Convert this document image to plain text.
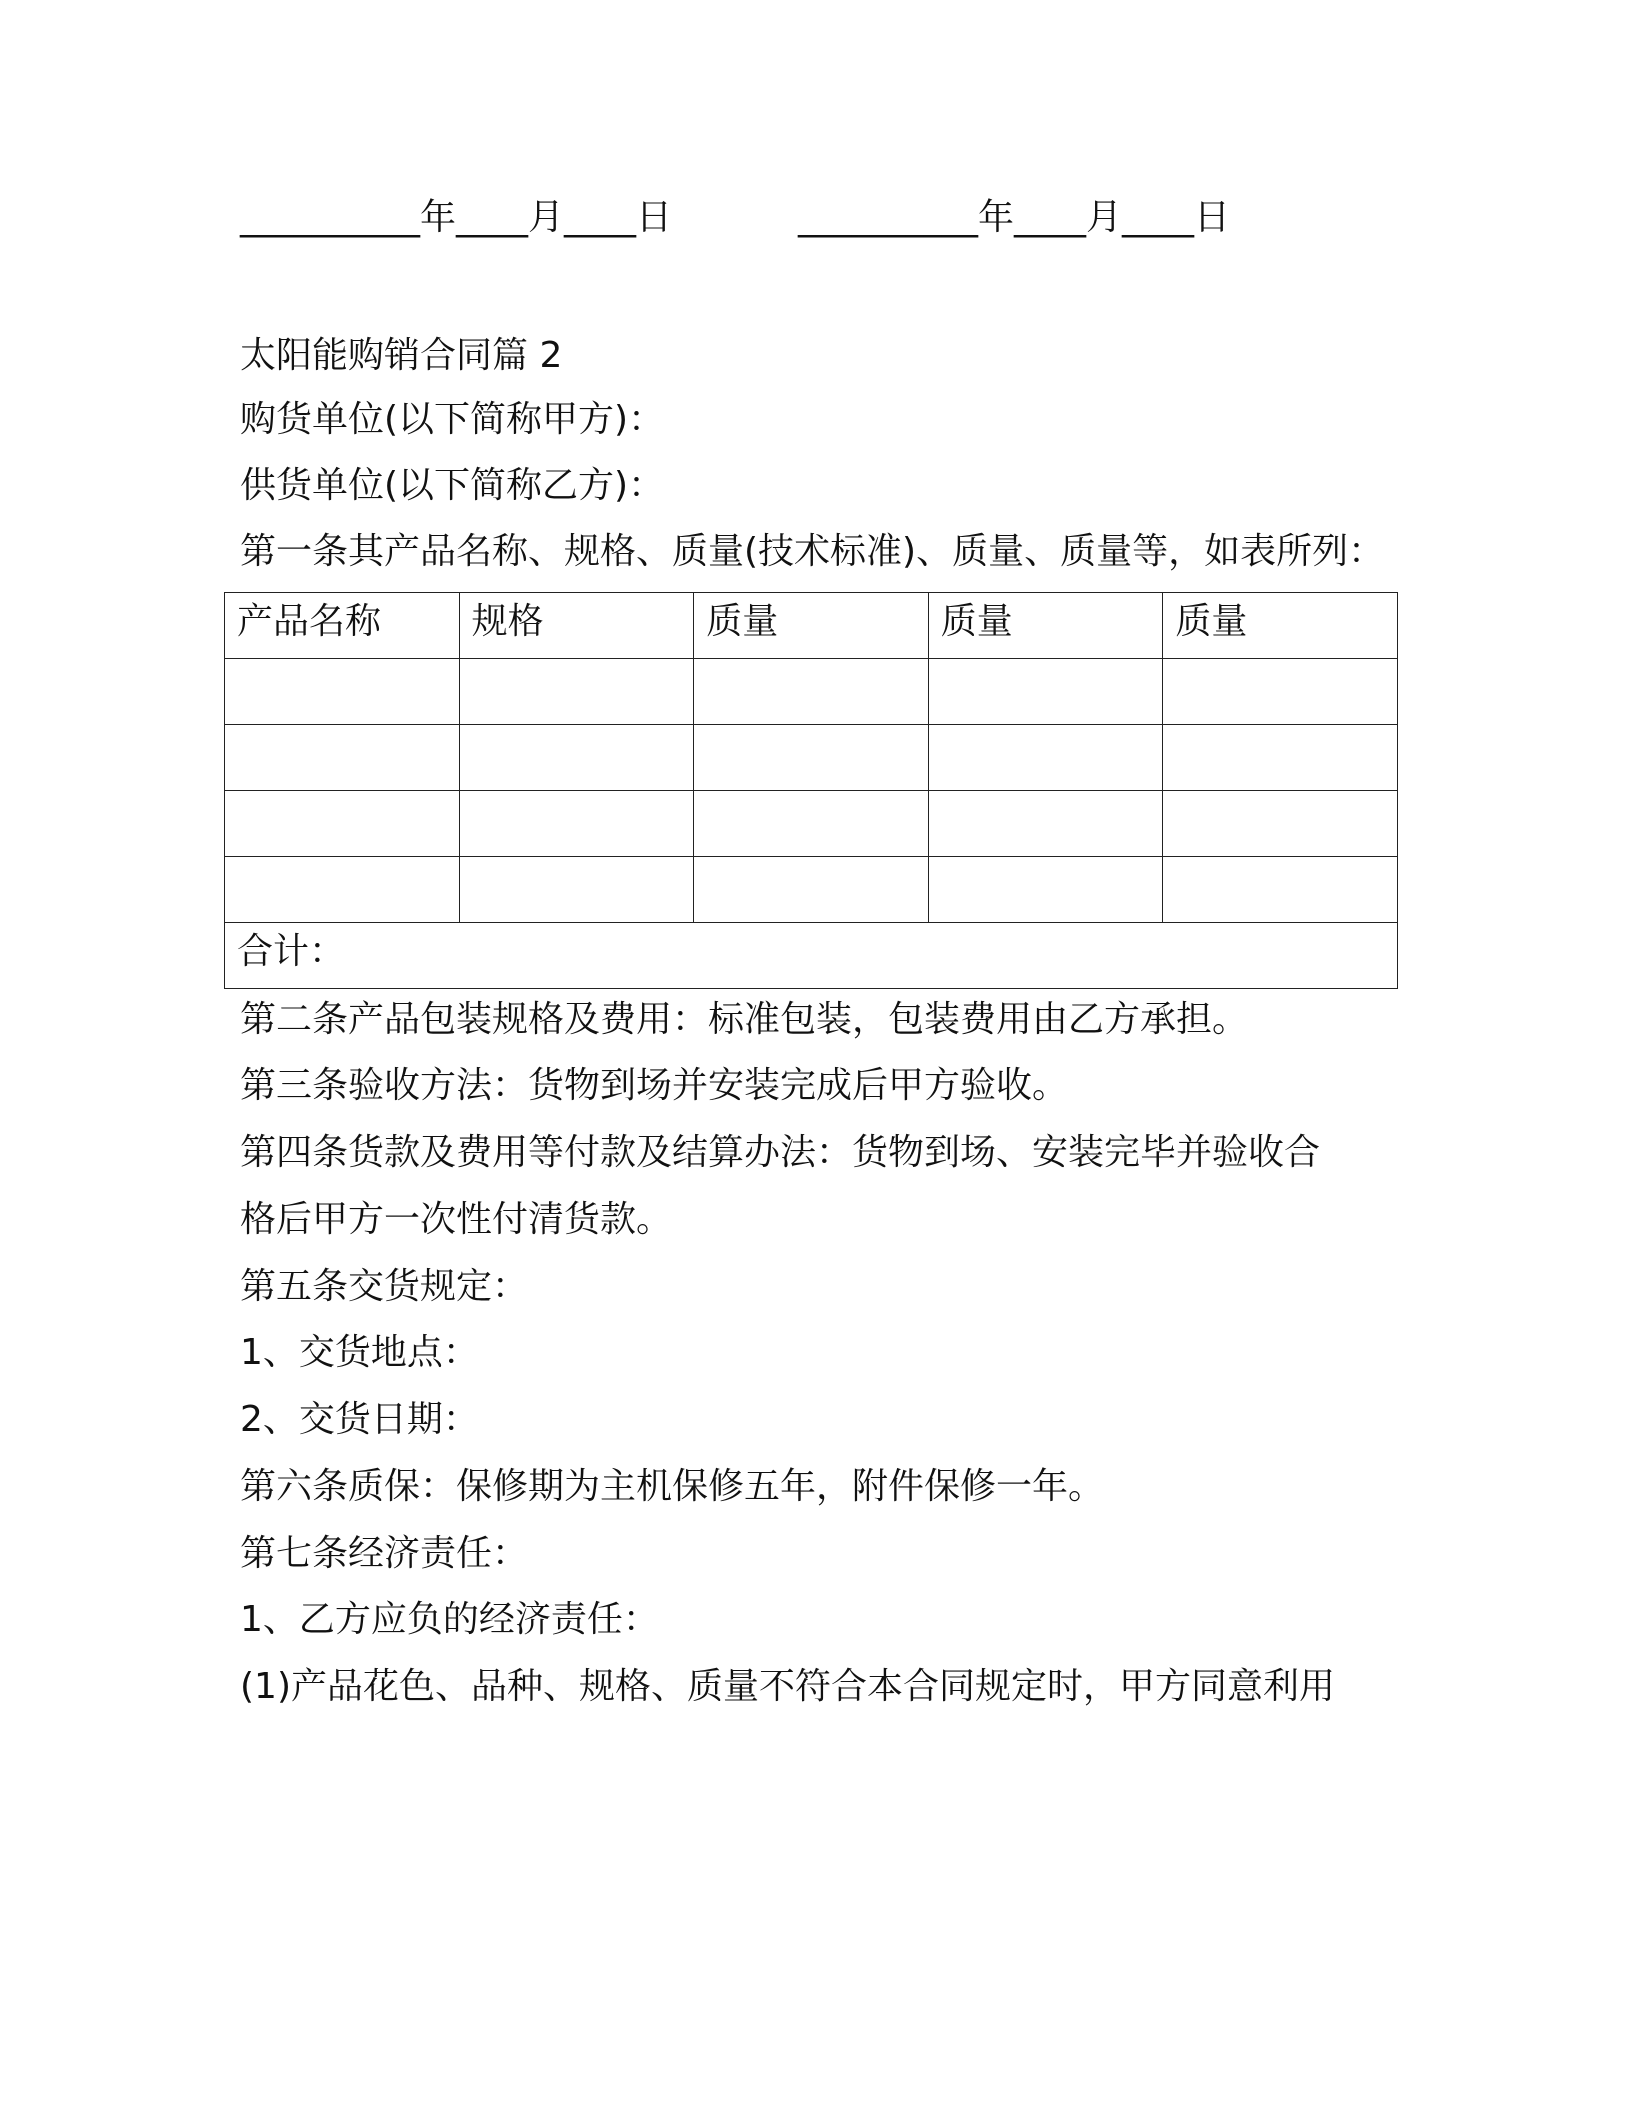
__________年____月____日	__________年____月____日
太阳能购销合同篇 2
购货单位(以下简称甲方)：
供货单位(以下简称乙方)：
第一条其产品名称、规格、质量(技术标准)、质量、质量等，如表所列：
产品名称	规格	质量	质量	质量

合计：				
第二条产品包装规格及费用：标准包装，包装费用由乙方承担。
第三条验收方法：货物到场并安装完成后甲方验收。
第四条货款及费用等付款及结算办法：货物到场、安装完毕并验收合
格后甲方一次性付清货款。
第五条交货规定：
1、交货地点：
2、交货日期：
第六条质保：保修期为主机保修五年，附件保修一年。
第七条经济责任：
1、乙方应负的经济责任：
(1)产品花色、品种、规格、质量不符合本合同规定时，甲方同意利用
